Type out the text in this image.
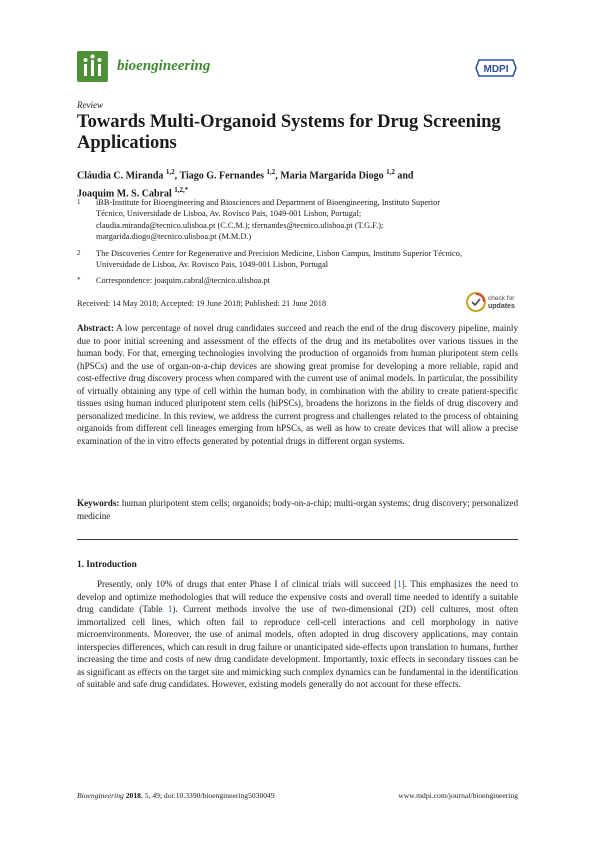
bioengineering	MDPI
Review
Towards Multi-Organoid Systems for Drug Screening Applications
Cláudia C. Miranda $^{1,2}$, Tiago G. Fernandes $^{1,2}$, Maria Margarida Diogo $^{1,2}$ and
Joaquim M. S. Cabral $^{1,2,*}$
1 iBB-Institute for Bioengineering and Biosciences and Department of Bioengineering, Instituto Superior
Técnico, Universidade de Lisboa, Av. Rovisco Pais, 1049-001 Lisbon, Portugal;
claudia.miranda@tecnico.ulisboa.pt (C.C.M.); tfernandes@tecnico.ulisboa.pt (T.G.F.);
margarida.diogo@tecnico.ulisboa.pt (M.M.D.)
2 The Discoveries Centre for Regenerative and Precision Medicine, Lisbon Campus, Instituto Superior Técnico,
Universidade de Lisboa, Av. Rovisco Pais, 1049-001 Lisbon, Portugal
* Correspondence: joaquim.cabral@tecnico.ulisboa.pt
Received: 14 May 2018; Accepted: 19 June 2018; Published: 21 June 2018
check for
updates
Abstract: A low percentage of novel drug candidates succeed and reach the end of the drug discovery pipeline, mainly due to poor initial screening and assessment of the effects of the drug and its metabolites over various tissues in the human body. For that, emerging technologies involving the production of organoids from human pluripotent stem cells (hPSCs) and the use of organ-on-a-chip devices are showing great promise for developing a more reliable, rapid and cost-effective drug discovery process when compared with the current use of animal models. In particular, the possibility of virtually obtaining any type of cell within the human body, in combination with the ability to create patient-specific tissues using human induced pluripotent stem cells (hiPSCs), broadens the horizons in the fields of drug discovery and personalized medicine. In this review, we address the current progress and challenges related to the process of obtaining organoids from different cell lineages emerging from hPSCs, as well as how to create devices that will allow a precise examination of the in vitro effects generated by potential drugs in different organ systems.
Keywords: human pluripotent stem cells; organoids; body-on-a-chip; multi-organ systems; drug discovery; personalized medicine
1. Introduction

Presently, only 10% of drugs that enter Phase I of clinical trials will succeed [1]. This emphasizes the need to develop and optimize methodologies that will reduce the expensive costs and overall time needed to identify a suitable drug candidate (Table 1). Current methods involve the use of two-dimensional (2D) cell cultures, most often immortalized cell lines, which often fail to reproduce cell-cell interactions and cell morphology in native microenvironments. Moreover, the use of animal models, often adopted in drug discovery applications, may contain interspecies differences, which can result in drug failure or unanticipated side-effects upon translation to humans, further increasing the time and costs of new drug candidate development. Importantly, toxic effects in secondary tissues can be as significant as effects on the target site and mimicking such complex dynamics can be fundamental in the identification of suitable and safe drug candidates. However, existing models generally do not account for these effects.

Bioengineering 2018, 5, 49; doi:10.3390/bioengineering5030049	www.mdpi.com/journal/bioengineering
